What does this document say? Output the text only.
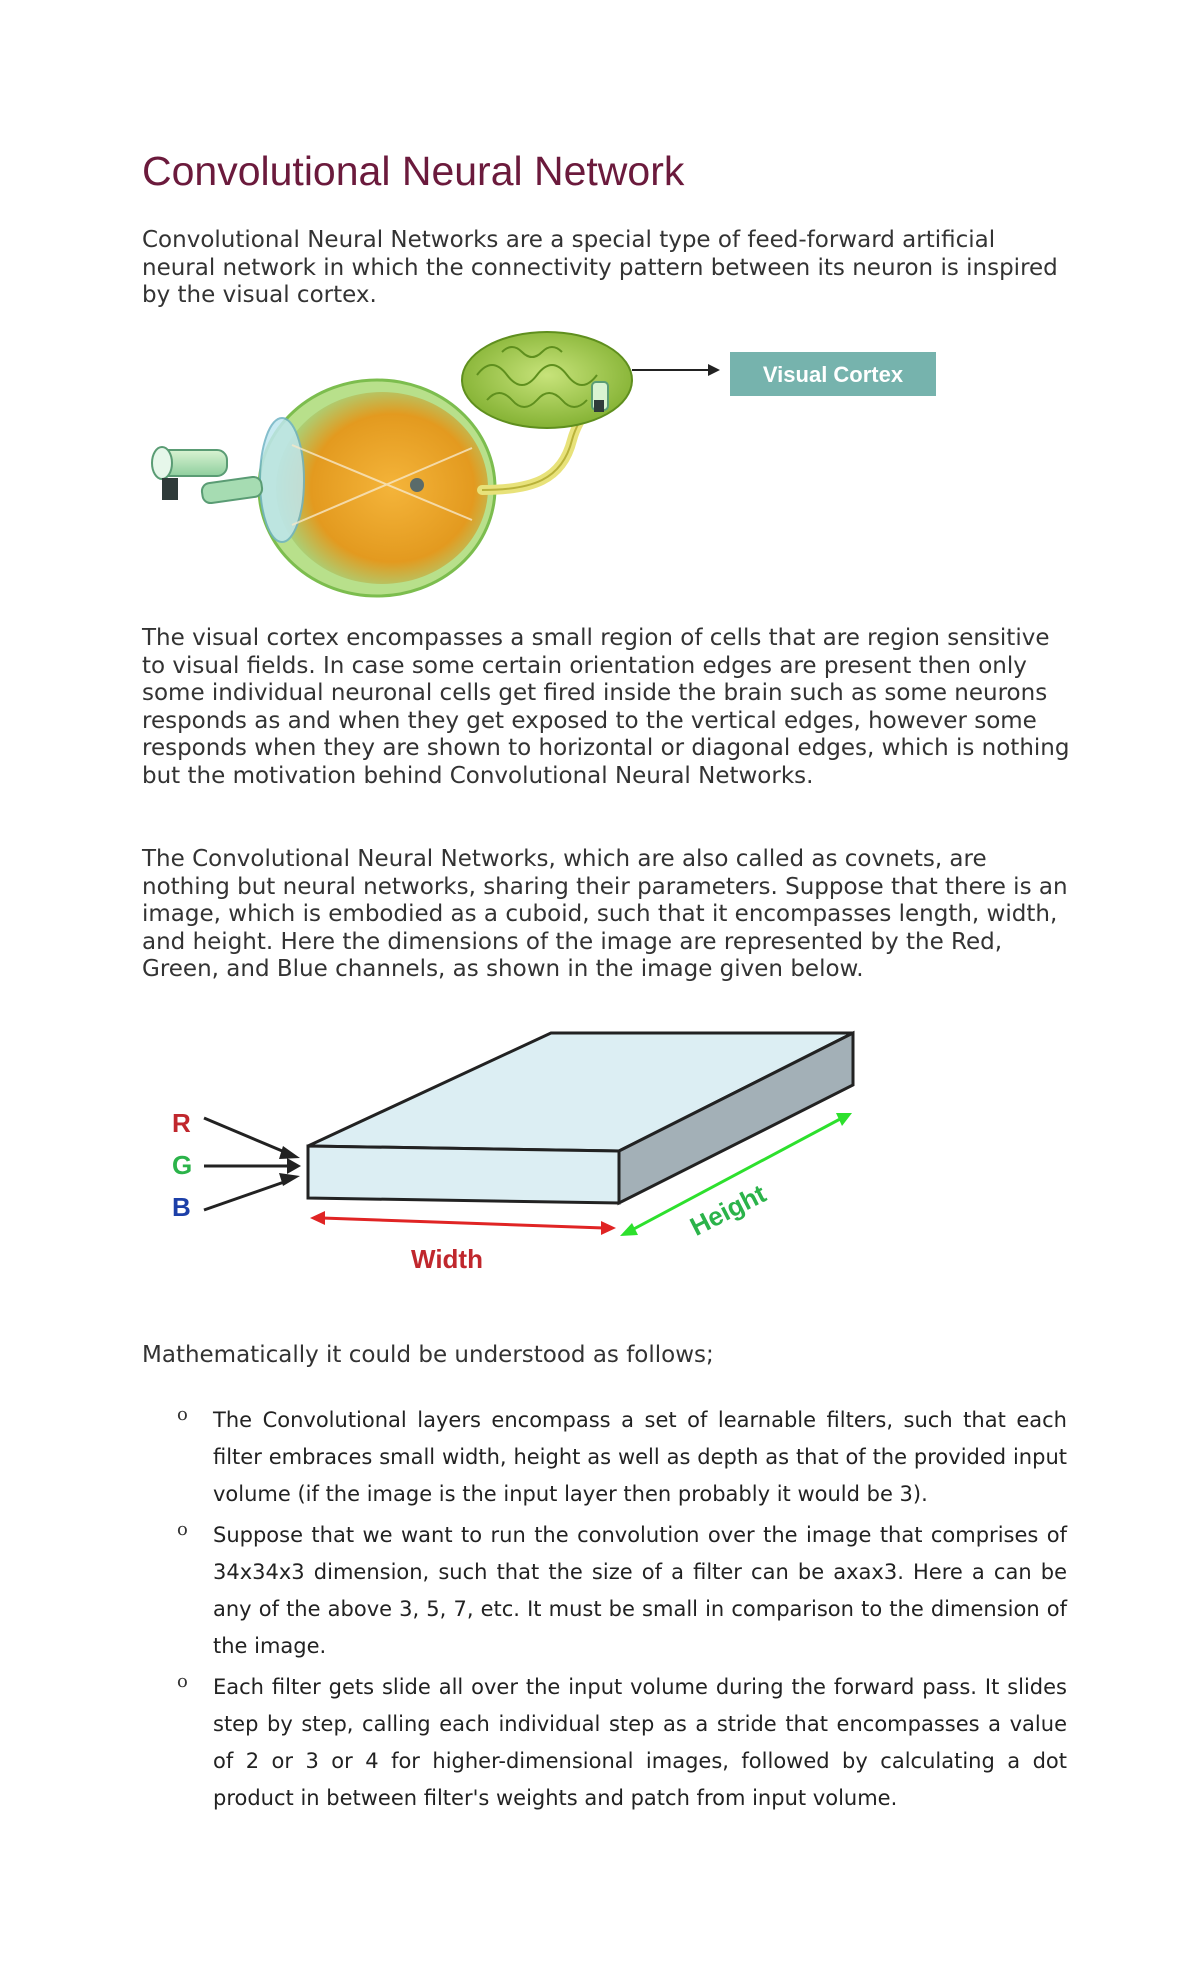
Convolutional Neural Network

Convolutional Neural Networks are a special type of feed-forward artificial neural network in which the connectivity pattern between its neuron is inspired by the visual cortex.

Visual Cortex

The visual cortex encompasses a small region of cells that are region sensitive to visual fields. In case some certain orientation edges are present then only some individual neuronal cells get fired inside the brain such as some neurons responds as and when they get exposed to the vertical edges, however some responds when they are shown to horizontal or diagonal edges, which is nothing but the motivation behind Convolutional Neural Networks.

The Convolutional Neural Networks, which are also called as covnets, are nothing but neural networks, sharing their parameters. Suppose that there is an image, which is embodied as a cuboid, such that it encompasses length, width, and height. Here the dimensions of the image are represented by the Red, Green, and Blue channels, as shown in the image given below.

R
G
B
Width
Height

Mathematically it could be understood as follows;

o The Convolutional layers encompass a set of learnable filters, such that each filter embraces small width, height as well as depth as that of the provided input volume (if the image is the input layer then probably it would be 3).
o Suppose that we want to run the convolution over the image that comprises of 34x34x3 dimension, such that the size of a filter can be axax3. Here a can be any of the above 3, 5, 7, etc. It must be small in comparison to the dimension of the image.
o Each filter gets slide all over the input volume during the forward pass. It slides step by step, calling each individual step as a stride that encompasses a value of 2 or 3 or 4 for higher-dimensional images, followed by calculating a dot product in between filter's weights and patch from input volume.
